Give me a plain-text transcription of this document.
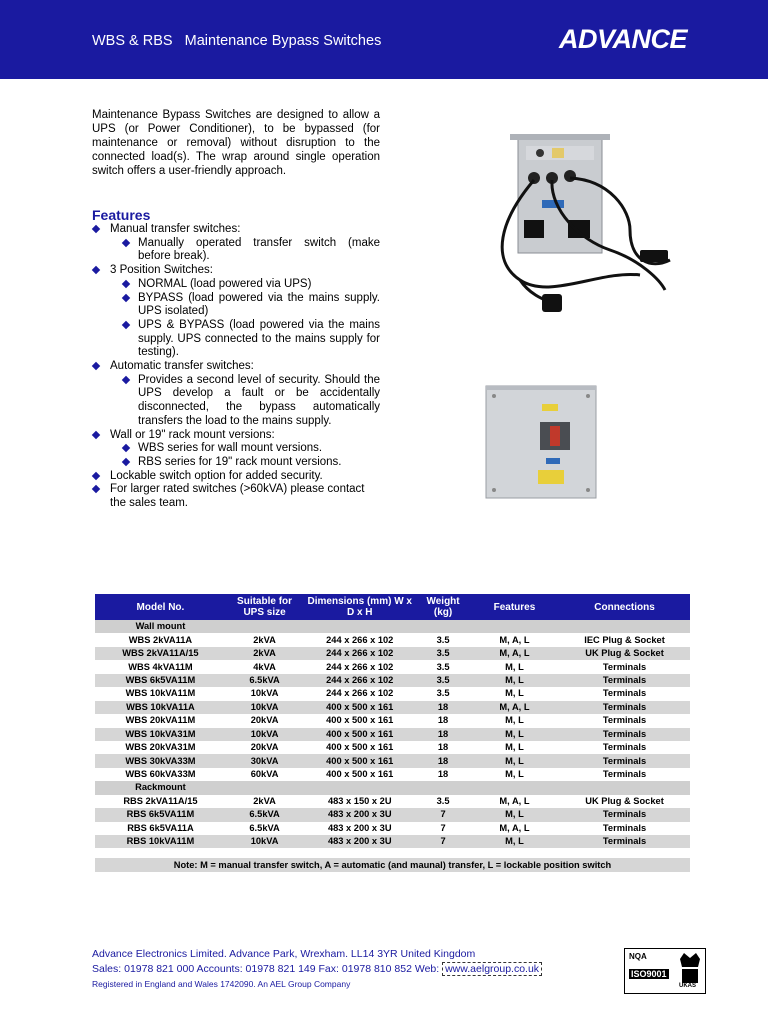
WBS & RBS   Maintenance Bypass Switches	ADVANCE

Maintenance Bypass Switches are designed to allow a UPS (or Power Conditioner), to be bypassed (for maintenance or removal) without disruption to the connected load(s). The wrap around single operation switch offers a user-friendly approach.

Features
Manual transfer switches:
Manually operated transfer switch (make before break).
3 Position Switches:
NORMAL (load powered via UPS)
BYPASS (load powered via the mains supply. UPS isolated)
UPS & BYPASS (load powered via the mains supply. UPS connected to the mains supply for testing).
Automatic transfer switches:
Provides a second level of security. Should the UPS develop a fault or be accidentally disconnected, the bypass automatically transfers the load to the mains supply.
Wall or 19" rack mount versions:
WBS series for wall mount versions.
RBS series for 19" rack mount versions.
Lockable switch option for added security.
For larger rated switches (>60kVA) please contact the sales team.
Model No.	Suitable for UPS size	Dimensions (mm) W x D x H	Weight (kg)	Features	Connections
Wall mount					
WBS 2kVA11A	2kVA	244 x 266 x 102	3.5	M, A, L	IEC Plug & Socket
WBS 2kVA11A/15	2kVA	244 x 266 x 102	3.5	M, A, L	UK Plug & Socket
WBS 4kVA11M	4kVA	244 x 266 x 102	3.5	M, L	Terminals
WBS 6k5VA11M	6.5kVA	244 x 266 x 102	3.5	M, L	Terminals
WBS 10kVA11M	10kVA	244 x 266 x 102	3.5	M, L	Terminals
WBS 10kVA11A	10kVA	400 x 500 x 161	18	M, A, L	Terminals
WBS 20kVA11M	20kVA	400 x 500 x 161	18	M, L	Terminals
WBS 10kVA31M	10kVA	400 x 500 x 161	18	M, L	Terminals
WBS 20kVA31M	20kVA	400 x 500 x 161	18	M, L	Terminals
WBS 30kVA33M	30kVA	400 x 500 x 161	18	M, L	Terminals
WBS 60kVA33M	60kVA	400 x 500 x 161	18	M, L	Terminals
Rackmount					
RBS 2kVA11A/15	2kVA	483 x 150 x 2U	3.5	M, A, L	UK Plug & Socket
RBS 6k5VA11M	6.5kVA	483 x 200 x 3U	7	M, L	Terminals
RBS 6k5VA11A	6.5kVA	483 x 200 x 3U	7	M, A, L	Terminals
RBS 10kVA11M	10kVA	483 x 200 x 3U	7	M, L	Terminals

Note: M = manual transfer switch, A = automatic (and maunal) transfer, L = lockable position switch					
Advance Electronics Limited. Advance Park, Wrexham. LL14 3YR United Kingdom
Sales: 01978 821 000 Accounts: 01978 821 149 Fax: 01978 810 852 Web: www.aelgroup.co.uk
Registered in England and Wales 1742090. An AEL Group Company
NQA
ISO9001
UKAS
